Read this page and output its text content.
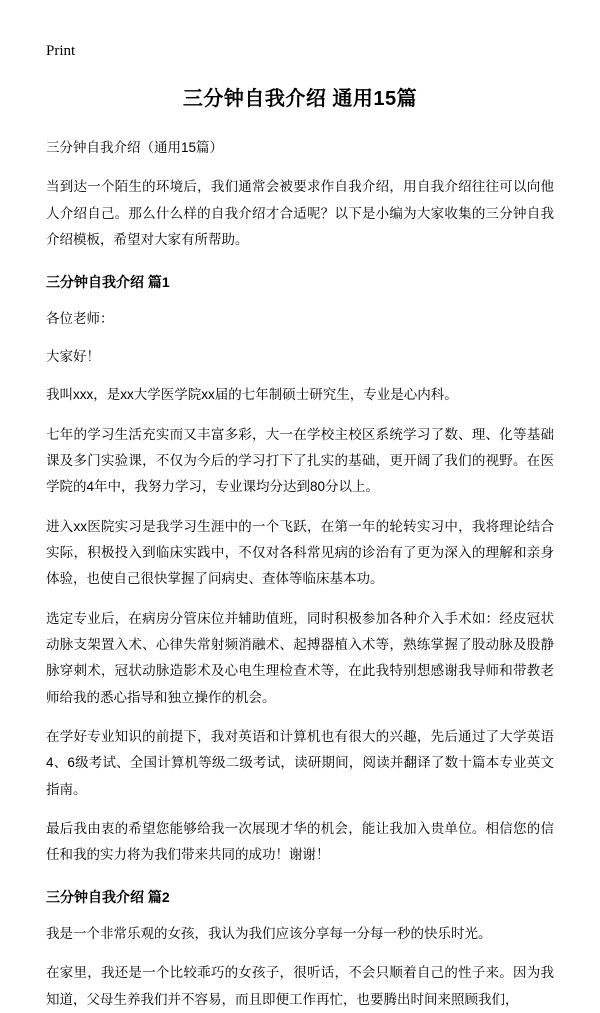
Print
三分钟自我介绍 通用15篇

三分钟自我介绍（通用15篇）

当到达一个陌生的环境后，我们通常会被要求作自我介绍，用自我介绍往往可以向他人介绍自己。那么什么样的自我介绍才合适呢？以下是小编为大家收集的三分钟自我介绍模板，希望对大家有所帮助。

三分钟自我介绍 篇1

各位老师：

大家好！

我叫xxx，是xx大学医学院xx届的七年制硕士研究生，专业是心内科。

七年的学习生活充实而又丰富多彩，大一在学校主校区系统学习了数、理、化等基础课及多门实验课，不仅为今后的学习打下了扎实的基础，更开阔了我们的视野。在医学院的4年中，我努力学习，专业课均分达到80分以上。

进入xx医院实习是我学习生涯中的一个飞跃，在第一年的轮转实习中，我将理论结合实际，积极投入到临床实践中，不仅对各科常见病的诊治有了更为深入的理解和亲身体验，也使自己很快掌握了问病史、查体等临床基本功。

选定专业后，在病房分管床位并辅助值班，同时积极参加各种介入手术如：经皮冠状动脉支架置入术、心律失常射频消融术、起搏器植入术等，熟练掌握了股动脉及股静脉穿刺术，冠状动脉造影术及心电生理检查术等，在此我特别想感谢我导师和带教老师给我的悉心指导和独立操作的机会。

在学好专业知识的前提下，我对英语和计算机也有很大的兴趣，先后通过了大学英语4、6级考试、全国计算机等级二级考试，读研期间，阅读并翻译了数十篇本专业英文指南。

最后我由衷的希望您能够给我一次展现才华的机会，能让我加入贵单位。相信您的信任和我的实力将为我们带来共同的成功！谢谢！

三分钟自我介绍 篇2

我是一个非常乐观的女孩，我认为我们应该分享每一分每一秒的快乐时光。

在家里，我还是一个比较乖巧的女孩子，很听话，不会只顺着自己的性子来。因为我知道，父母生养我们并不容易，而且即便工作再忙，也要腾出时间来照顾我们，
